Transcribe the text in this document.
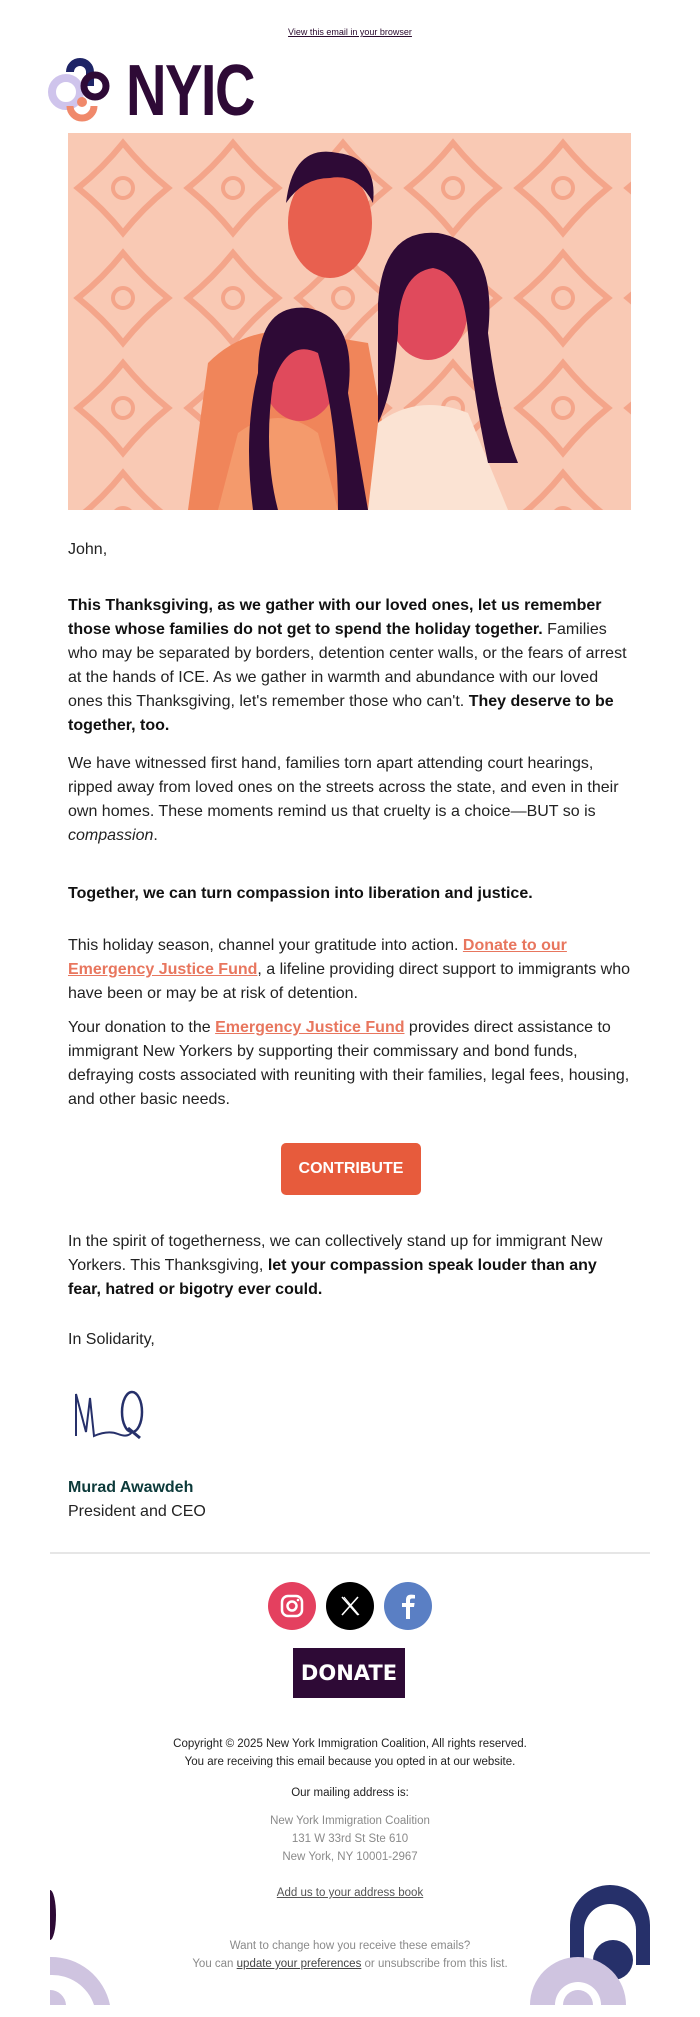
View this email in your browser
NYIC
John,
This Thanksgiving, as we gather with our loved ones, let us remember those whose families do not get to spend the holiday together. Families who may be separated by borders, detention center walls, or the fears of arrest at the hands of ICE. As we gather in warmth and abundance with our loved ones this Thanksgiving, let's remember those who can't. They deserve to be together, too.
We have witnessed first hand, families torn apart attending court hearings, ripped away from loved ones on the streets across the state, and even in their own homes. These moments remind us that cruelty is a choice—BUT so is compassion.
Together, we can turn compassion into liberation and justice.
This holiday season, channel your gratitude into action. Donate to our Emergency Justice Fund, a lifeline providing direct support to immigrants who have been or may be at risk of detention.
Your donation to the Emergency Justice Fund provides direct assistance to immigrant New Yorkers by supporting their commissary and bond funds, defraying costs associated with reuniting with their families, legal fees, housing, and other basic needs.
CONTRIBUTE
In the spirit of togetherness, we can collectively stand up for immigrant New Yorkers. This Thanksgiving, let your compassion speak louder than any fear, hatred or bigotry ever could.
In Solidarity,
Murad Awawdeh
President and CEO
DONATE
Copyright © 2025 New York Immigration Coalition, All rights reserved.
You are receiving this email because you opted in at our website.
Our mailing address is:
New York Immigration Coalition
131 W 33rd St Ste 610
New York, NY 10001-2967
Add us to your address book
Want to change how you receive these emails?
You can update your preferences or unsubscribe from this list.
